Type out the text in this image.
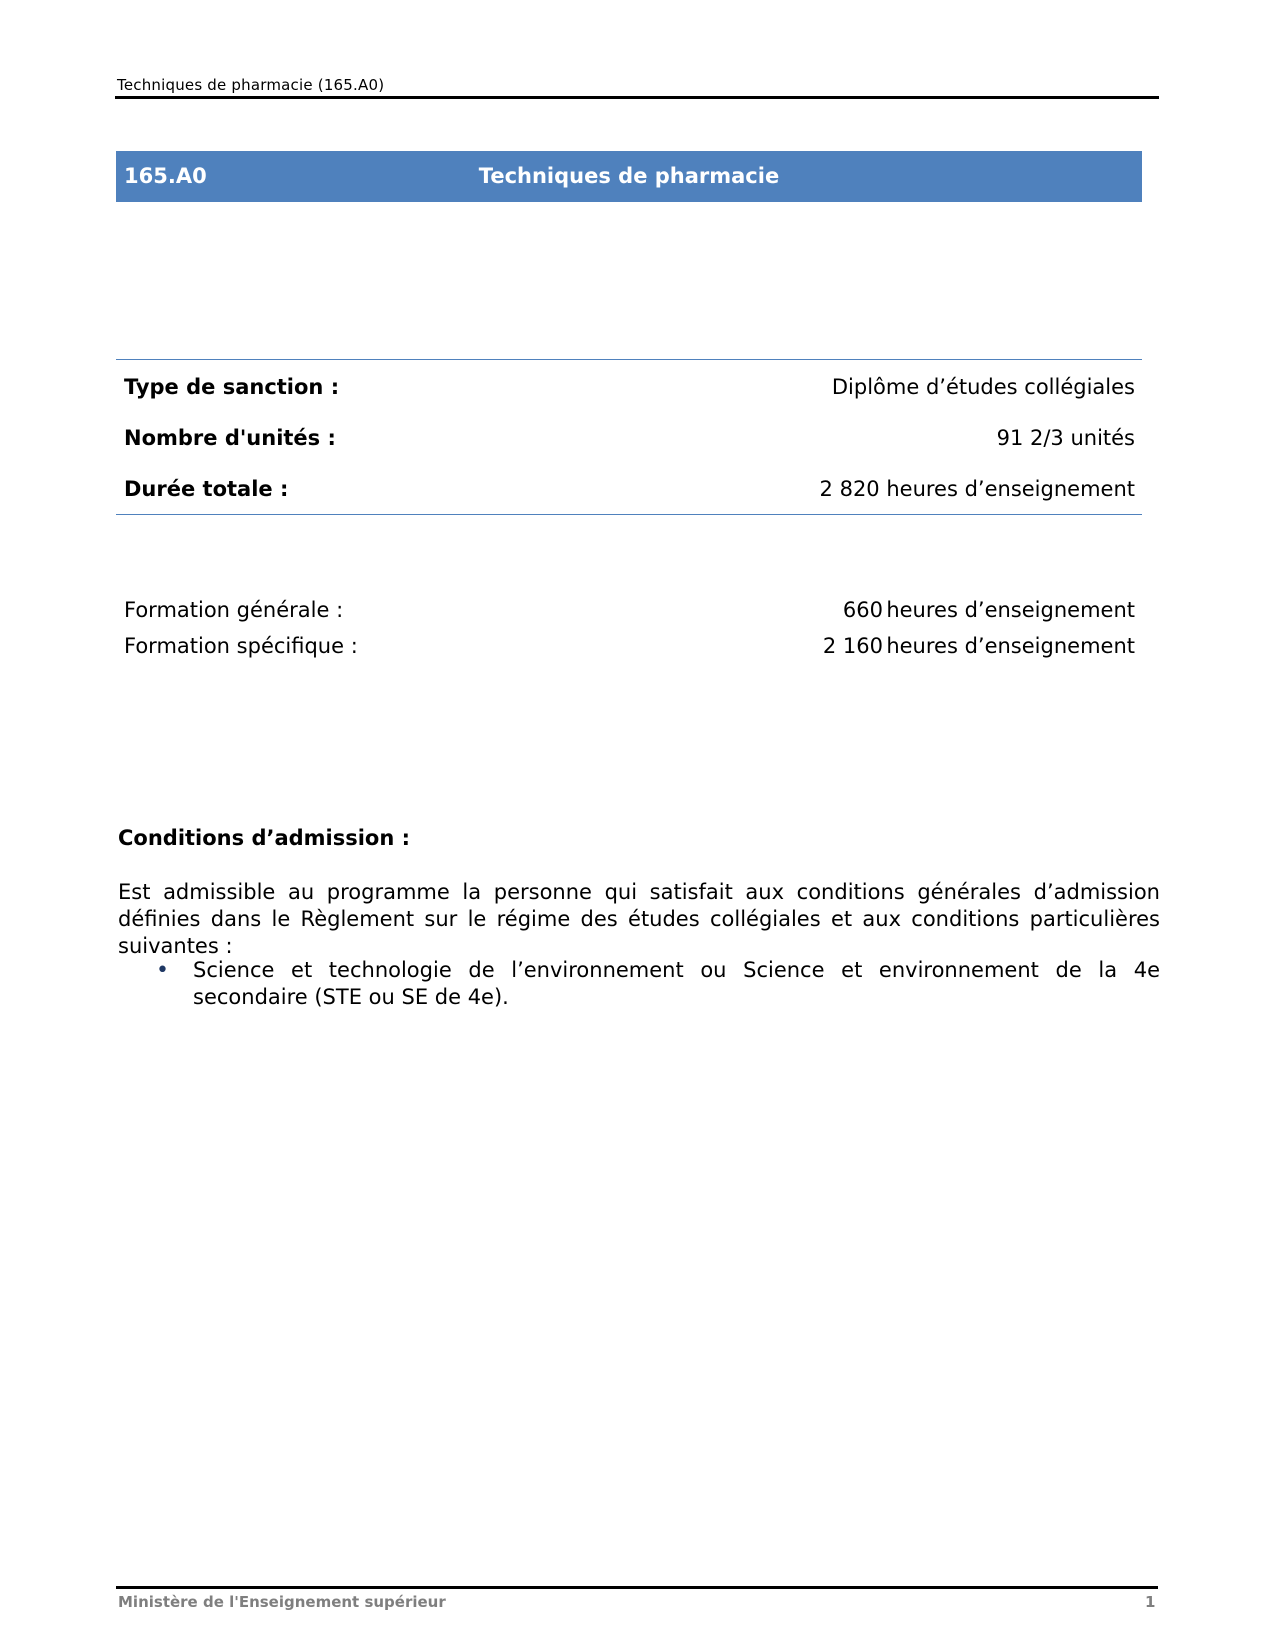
Techniques de pharmacie (165.A0)
165.A0	Techniques de pharmacie
Type de sanction :	Diplôme d’études collégiales
Nombre d'unités :	91 2/3 unités
Durée totale :	2 820 heures d’enseignement
Formation générale :	660 heures d’enseignement
Formation spécifique :	2 160 heures d’enseignement
Conditions d’admission :

Est admissible au programme la personne qui satisfait aux conditions générales d’admission définies dans le Règlement sur le régime des études collégiales et aux conditions particulières suivantes :

• Science et technologie de l’environnement ou Science et environnement de la 4e secondaire (STE ou SE de 4e).
Ministère de l'Enseignement supérieur	1
